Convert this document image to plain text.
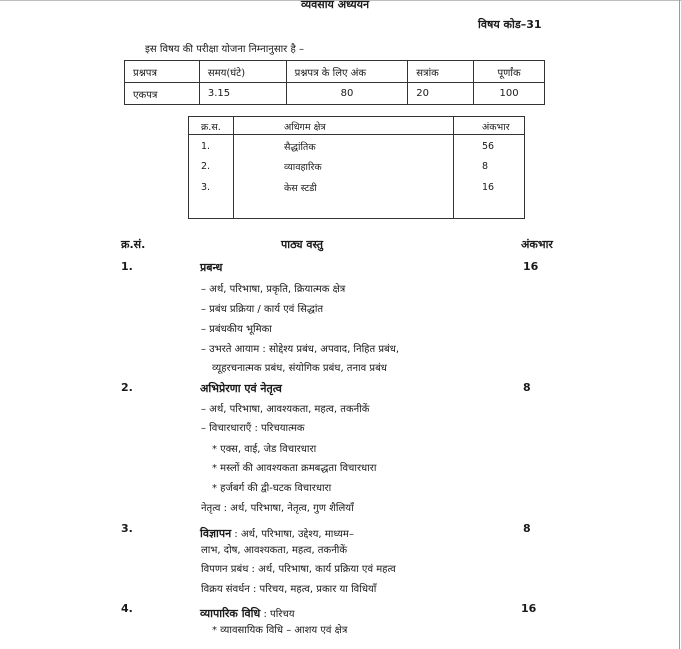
व्यवसाय अध्ययन
विषय कोड–31
इस विषय की परीक्षा योजना निम्नानुसार है –
प्रश्नपत्र	समय(घंटे)	प्रश्नपत्र के लिए अंक	सत्रांक	पूर्णांक
एकपत्र	3.15	80	20	100
क्र.स.	अधिगम क्षेत्र	अंकभार
1.	सैद्धांतिक	56
2.	व्यावहारिक	8
3.	केस स्टडी	16
क्र.सं.	पाठ्य वस्तु	अंकभार
1.	प्रबन्ध	16
– अर्थ, परिभाषा, प्रकृति, क्रियात्मक क्षेत्र
– प्रबंध प्रक्रिया / कार्य एवं सिद्धांत
– प्रबंधकीय भूमिका
– उभरते आयाम : सोद्देश्य प्रबंध, अपवाद, निहित प्रबंध,
व्यूहरचनात्मक प्रबंध, संयोगिक प्रबंध, तनाव प्रबंध
2.	अभिप्रेरणा एवं नेतृत्व	8
– अर्थ, परिभाषा, आवश्यकता, महत्व, तकनीकें
– विचारधाराएँ : परिचयात्मक
* एक्स, वाई, जेड विचारधारा
* मस्लों की आवश्यकता क्रमबद्धता विचारधारा
* हर्जबर्ग की द्वी-घटक विचारधारा
नेतृत्व : अर्थ, परिभाषा, नेतृत्व, गुण शैलियाँ
3.	विज्ञापन : अर्थ, परिभाषा, उद्देश्य, माध्यम–	8
लाभ, दोष, आवश्यकता, महत्व, तकनीकें
विपणन प्रबंध : अर्थ, परिभाषा, कार्य प्रक्रिया एवं महत्व
विक्रय संवर्धन : परिचय, महत्व, प्रकार या विधियाँ
4.	व्यापारिक विधि : परिचय	16
* व्यावसायिक विधि – आशय एवं क्षेत्र
